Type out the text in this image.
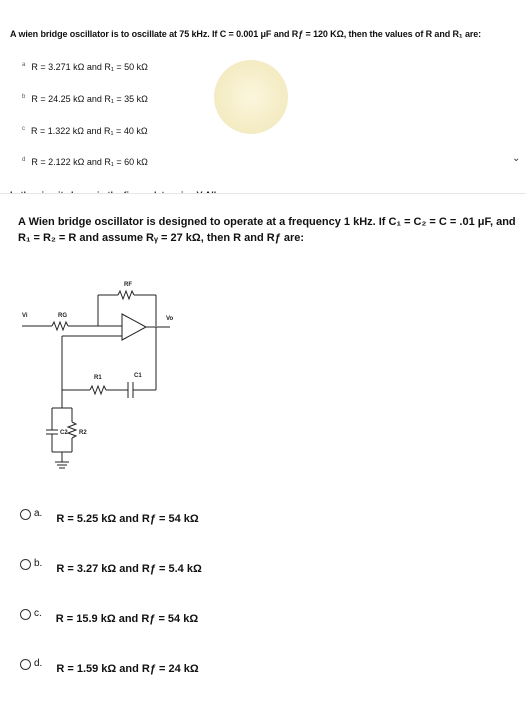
A wien bridge oscillator is to oscillate at 75 kHz. If C = 0.001 μF and Rƒ = 120 KΩ, then the values of R and R₁ are:
$^a$ R = 3.271 kΩ and R₁ = 50 kΩ
$^b$ R = 24.25 kΩ and R₁ = 35 kΩ
$^c$ R = 1.322 kΩ and R₁ = 40 kΩ
$^d$ R = 2.122 kΩ and R₁ = 60 kΩ	⌄
A Wien bridge oscillator is designed to operate at a frequency 1 kHz. If C₁ = C₂ = C = .01 μF, and R₁ = R₂ = R and assume Rᵧ = 27 kΩ, then R and Rƒ are:
RF
RG
Vi	Vo
R1	C1
C2 R2
a. R = 5.25 kΩ and Rƒ = 54 kΩ
b. R = 3.27 kΩ and Rƒ = 5.4 kΩ
c. R = 15.9 kΩ and Rƒ = 54 kΩ
d. R = 1.59 kΩ and Rƒ = 24 kΩ
